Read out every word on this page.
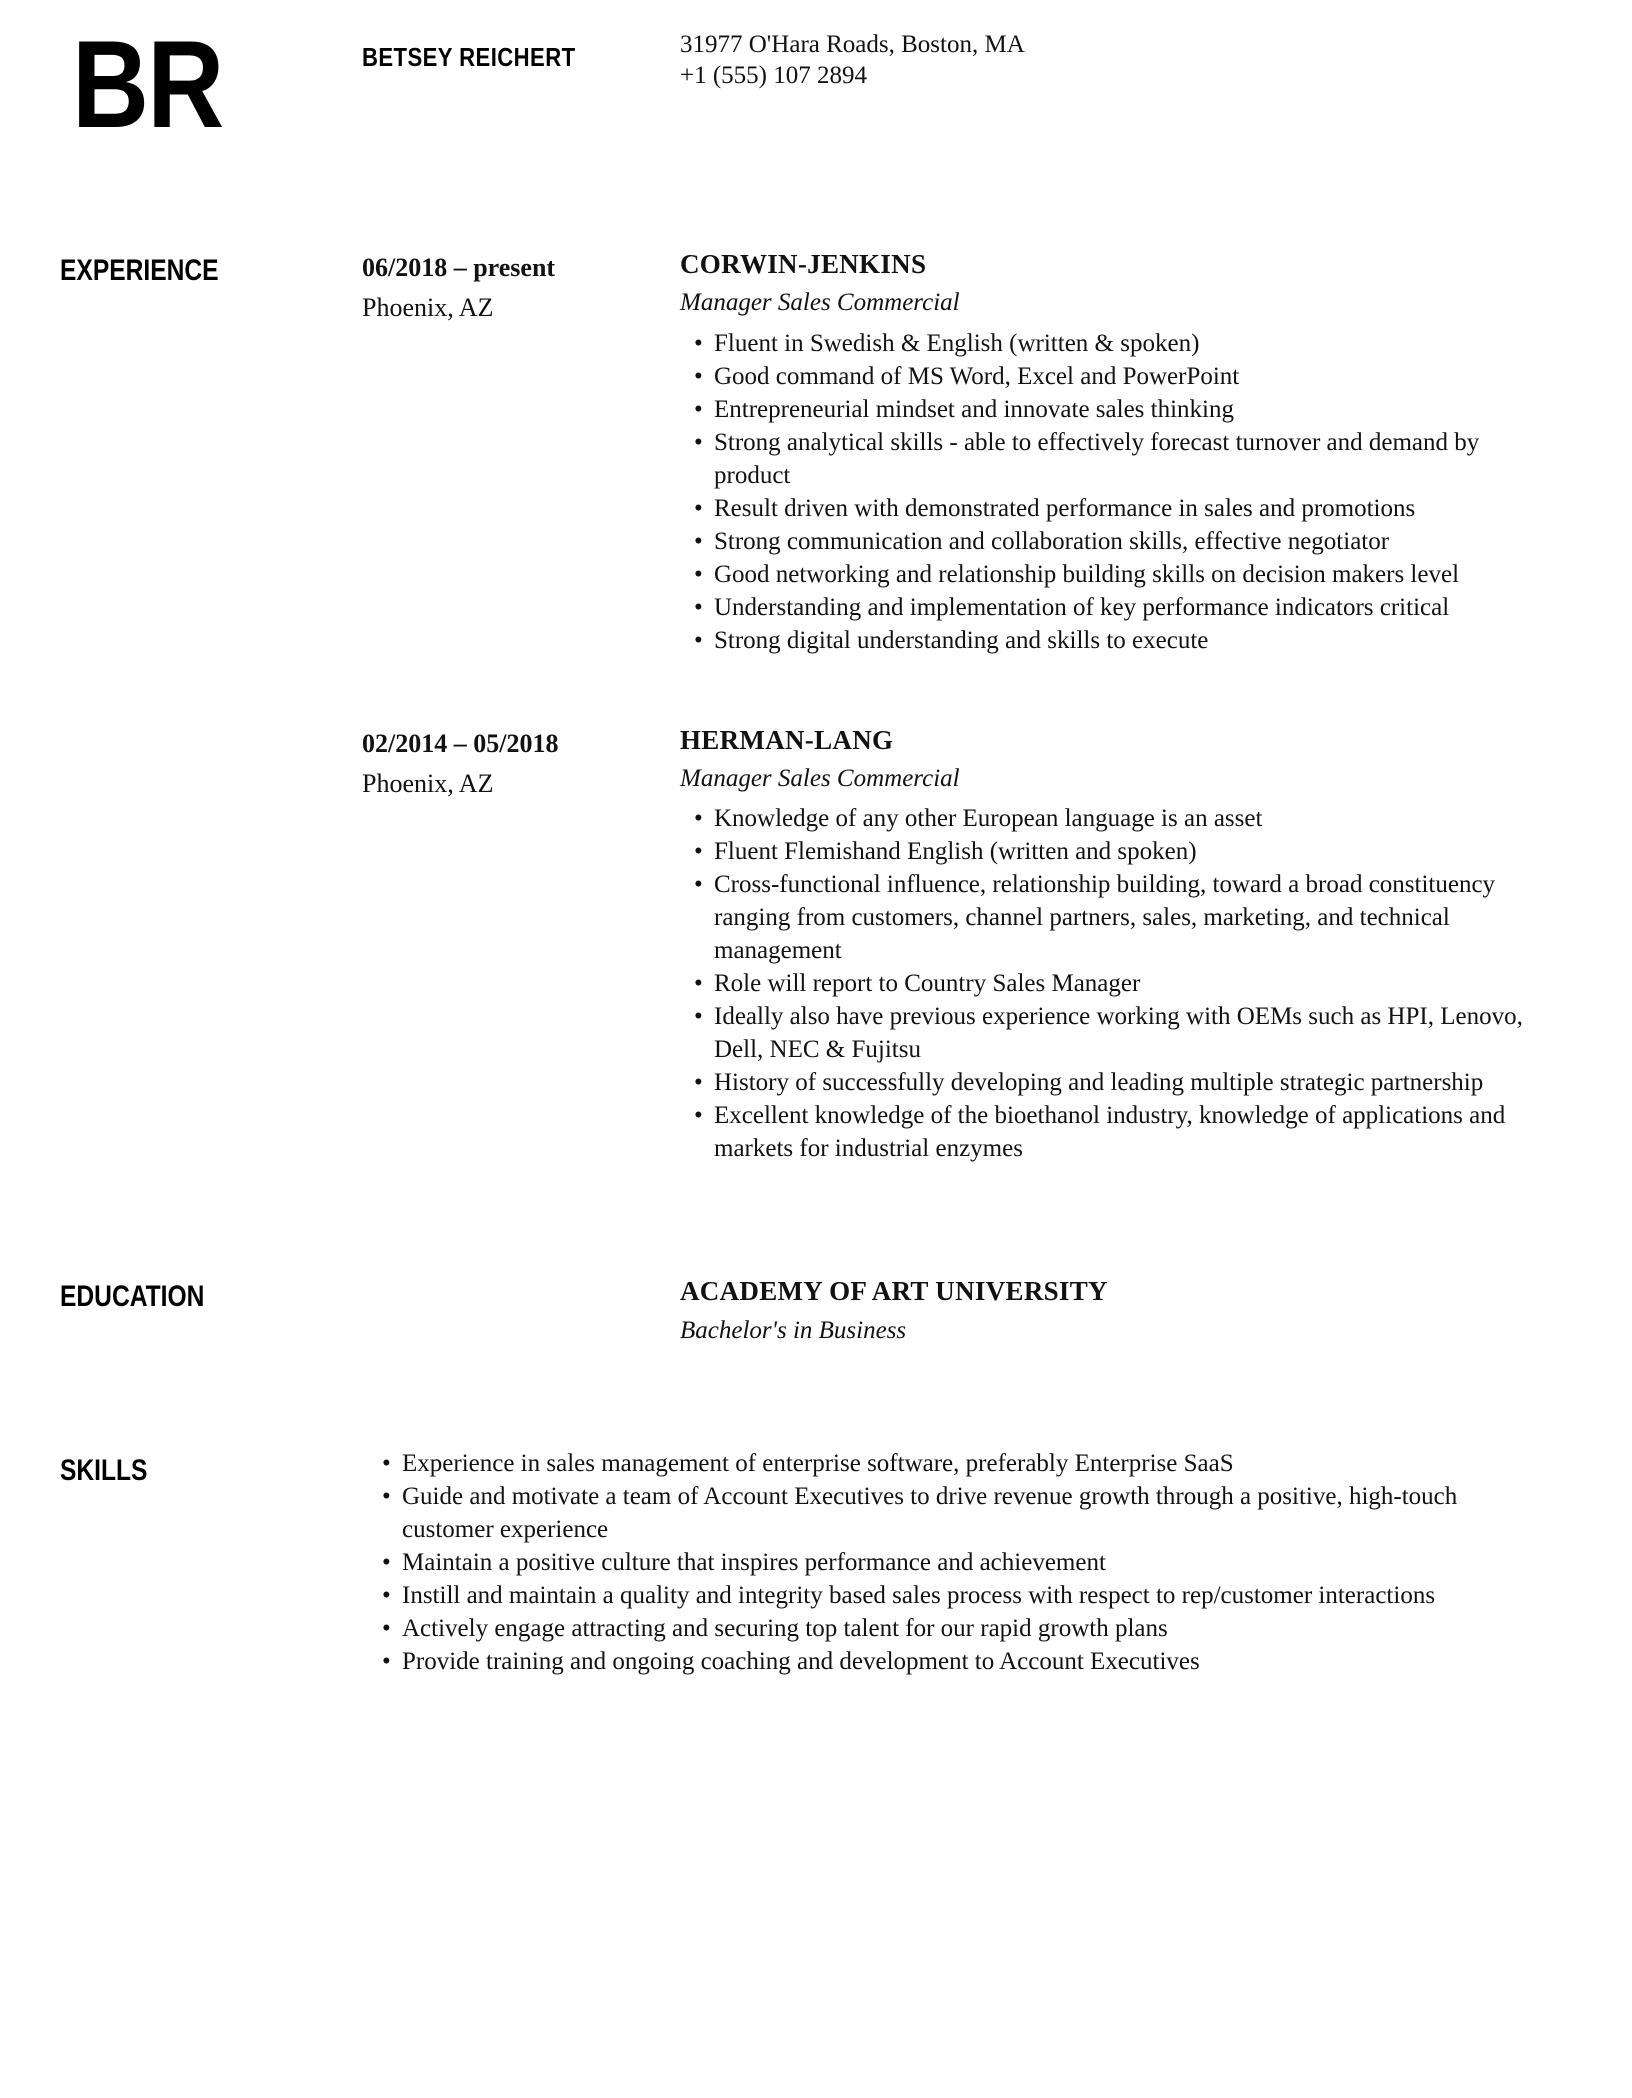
BR	BETSEY REICHERT	31977 O'Hara Roads, Boston, MA
+1 (555) 107 2894
EXPERIENCE	06/2018 – present
Phoenix, AZ
CORWIN-JENKINS
Manager Sales Commercial
• Fluent in Swedish & English (written & spoken)
• Good command of MS Word, Excel and PowerPoint
• Entrepreneurial mindset and innovate sales thinking
• Strong analytical skills - able to effectively forecast turnover and demand by product
• Result driven with demonstrated performance in sales and promotions
• Strong communication and collaboration skills, effective negotiator
• Good networking and relationship building skills on decision makers level
• Understanding and implementation of key performance indicators critical
• Strong digital understanding and skills to execute
02/2014 – 05/2018
Phoenix, AZ
HERMAN-LANG
Manager Sales Commercial
• Knowledge of any other European language is an asset
• Fluent Flemishand English (written and spoken)
• Cross-functional influence, relationship building, toward a broad constituency ranging from customers, channel partners, sales, marketing, and technical management
• Role will report to Country Sales Manager
• Ideally also have previous experience working with OEMs such as HPI, Lenovo, Dell, NEC & Fujitsu
• History of successfully developing and leading multiple strategic partnership
• Excellent knowledge of the bioethanol industry, knowledge of applications and markets for industrial enzymes
EDUCATION	ACADEMY OF ART UNIVERSITY
Bachelor's in Business
SKILLS	• Experience in sales management of enterprise software, preferably Enterprise SaaS
• Guide and motivate a team of Account Executives to drive revenue growth through a positive, high-touch customer experience
• Maintain a positive culture that inspires performance and achievement
• Instill and maintain a quality and integrity based sales process with respect to rep/customer interactions
• Actively engage attracting and securing top talent for our rapid growth plans
• Provide training and ongoing coaching and development to Account Executives
